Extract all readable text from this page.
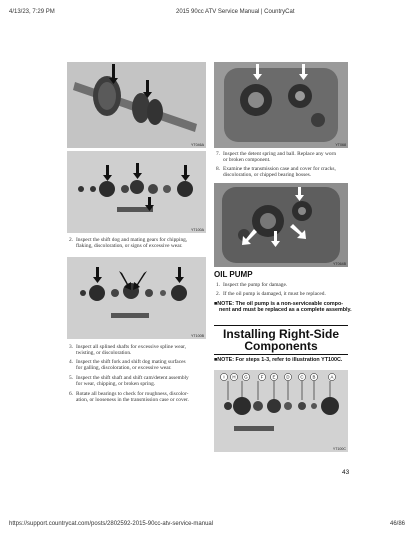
4/13/23, 7:29 PM	2015 90cc ATV Service Manual | CountryCat
YT046A	YT068
YT100A
YT064B
YT100B
I H G	F E D C B	A
YT100C
2. Inspect the shift dog and mating gears for chipping,
flaking, discoloration, or signs of excessive wear.
3. Inspect all splined shafts for excessive spline wear,
twisting, or discoloration.
4. Inspect the shift fork and shift dog mating surfaces
for galling, discoloration, or excessive wear.
5. Inspect the shift shaft and shift cam/detent assembly
for wear, chipping, or broken spring.
6. Rotate all bearings to check for roughness, discolor-
ation, or looseness in the transmission case or cover.
7. Inspect the detent spring and ball. Replace any worn
or broken component.
8. Examine the transmission case and cover for cracks,
discoloration, or chipped bearing bosses.
OIL PUMP
1. Inspect the pump for damage.
2. If the oil pump is damaged, it must be replaced.
■NOTE: The oil pump is a non-serviceable compo-
nent and must be replaced as a complete assembly.
Installing Right-Side
Components
■NOTE: For steps 1-3, refer to illustration YT100C.
43
https://support.countrycat.com/posts/2802592-2015-90cc-atv-service-manual	46/86
